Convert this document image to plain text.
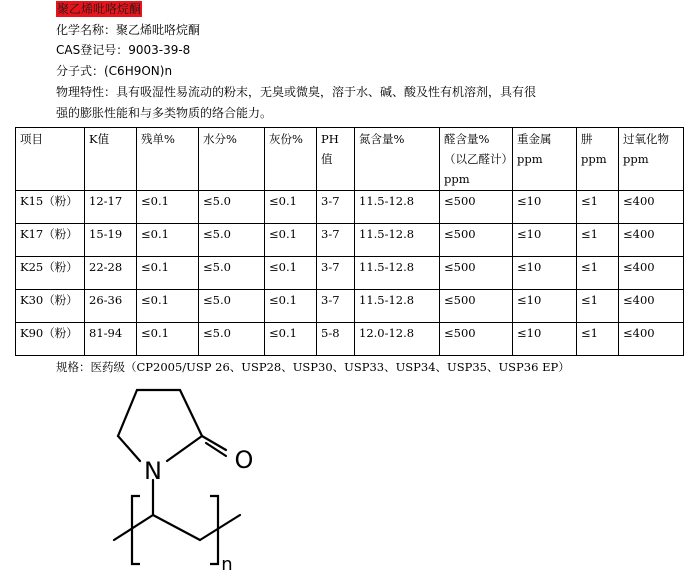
聚乙烯吡咯烷酮
化学名称：聚乙烯吡咯烷酮
CAS登记号：9003-39-8
分子式：(C6H9ON)n
物理特性：具有吸湿性易流动的粉末，无臭或微臭，溶于水、碱、酸及性有机溶剂，具有很
强的膨胀性能和与多类物质的络合能力。
项目	K值	残单%	水分%	灰份%	PH值	氮含量%	醛含量%（以乙醛计）ppm	重金属ppm	肼ppm	过氧化物ppm
K15（粉）	12-17	≤0.1	≤5.0	≤0.1	3-7	11.5-12.8	≤500	≤10	≤1	≤400
K17（粉）	15-19	≤0.1	≤5.0	≤0.1	3-7	11.5-12.8	≤500	≤10	≤1	≤400
K25（粉）	22-28	≤0.1	≤5.0	≤0.1	3-7	11.5-12.8	≤500	≤10	≤1	≤400
K30（粉）	26-36	≤0.1	≤5.0	≤0.1	3-7	11.5-12.8	≤500	≤10	≤1	≤400
K90（粉）	81-94	≤0.1	≤5.0	≤0.1	5-8	12.0-12.8	≤500	≤10	≤1	≤400
规格：医药级（CP2005/USP 26、USP28、USP30、USP33、USP34、USP35、USP36 EP）
N	O
n
